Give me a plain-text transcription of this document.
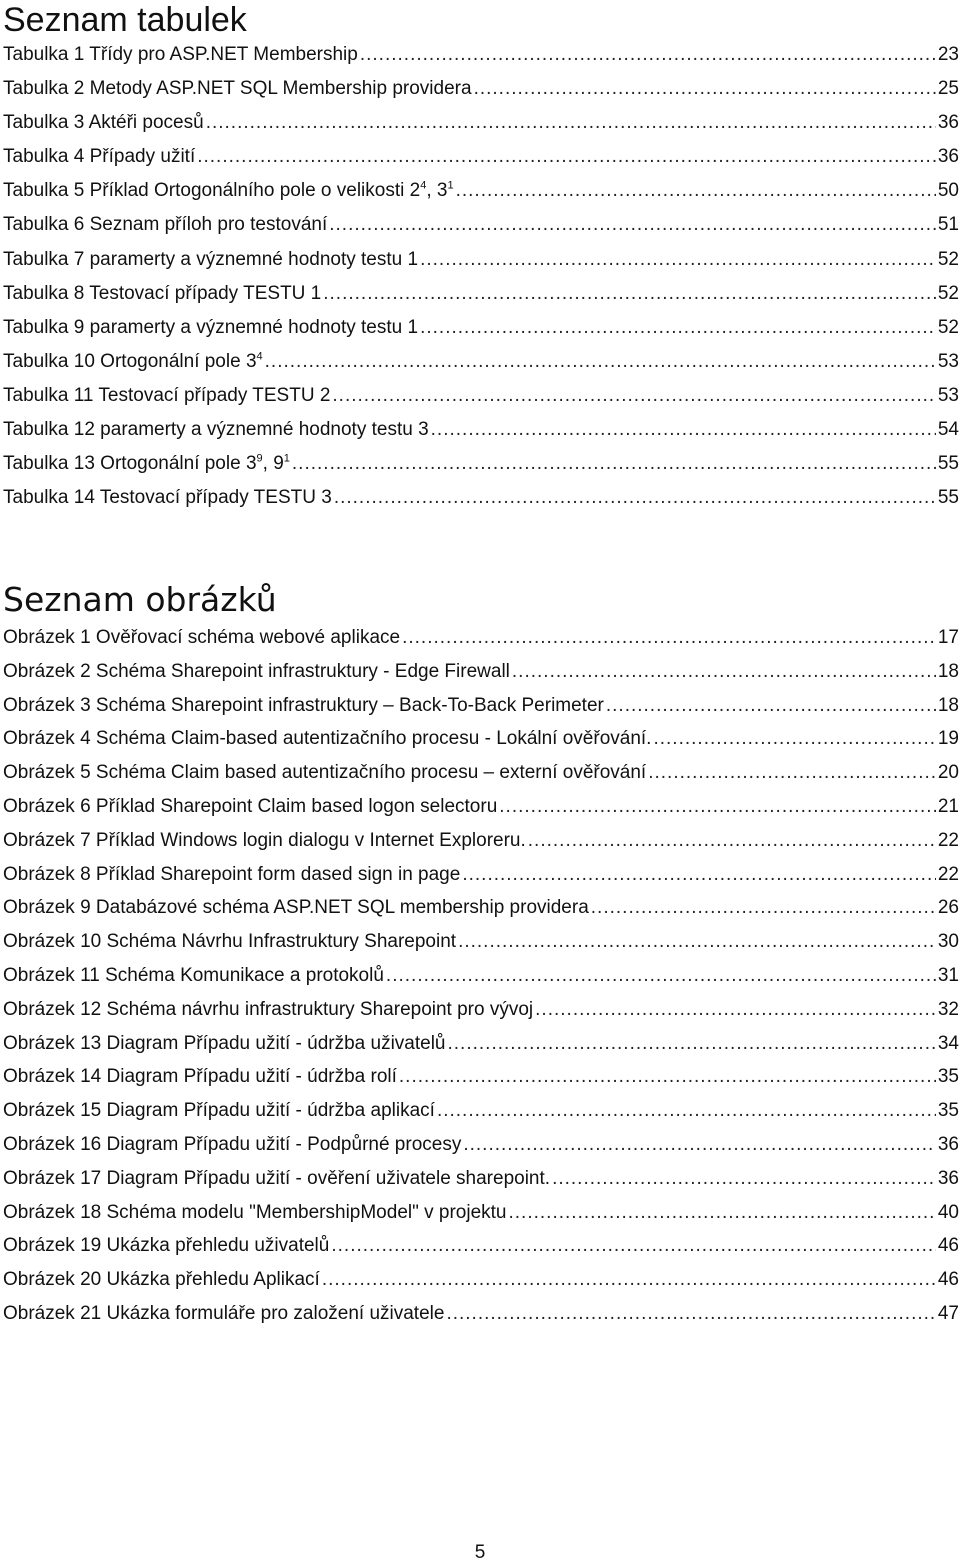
Seznam tabulek
Tabulka 1 Třídy pro ASP.NET Membership .....	23
Tabulka 2 Metody ASP.NET SQL Membership providera .....	25
Tabulka 3 Aktéři pocesů .....	36
Tabulka 4 Případy užití .....	36
Tabulka 5 Příklad Ortogonálního pole o velikosti $2^4$, $3^1$ .....	50
Tabulka 6 Seznam příloh pro testování .....	51
Tabulka 7 paramerty a význemné hodnoty testu 1 .....	52
Tabulka 8 Testovací případy TESTU 1 .....	52
Tabulka 9 paramerty a význemné hodnoty testu 1 .....	52
Tabulka 10 Ortogonální pole $3^4$ .....	53
Tabulka 11 Testovací případy TESTU 2 .....	53
Tabulka 12 paramerty a význemné hodnoty testu 3 .....	54
Tabulka 13 Ortogonální pole $3^9$, $9^1$ .....	55
Tabulka 14 Testovací případy TESTU 3 .....	55
Seznam obrázků
Obrázek 1 Ověřovací schéma webové aplikace .....	17
Obrázek 2 Schéma Sharepoint infrastruktury - Edge Firewall .....	18
Obrázek 3 Schéma Sharepoint infrastruktury – Back-To-Back Perimeter .....	18
Obrázek 4 Schéma Claim-based autentizačního procesu - Lokální ověřování. .....	19
Obrázek 5 Schéma Claim based autentizačního procesu – externí ověřování .....	20
Obrázek 6 Příklad Sharepoint Claim based logon selectoru .....	21
Obrázek 7 Příklad Windows login dialogu v Internet Exploreru. .....	22
Obrázek 8 Příklad Sharepoint form dased sign in page .....	22
Obrázek 9 Databázové schéma ASP.NET SQL membership providera .....	26
Obrázek 10 Schéma Návrhu Infrastruktury Sharepoint .....	30
Obrázek 11 Schéma Komunikace a protokolů .....	31
Obrázek 12 Schéma návrhu infrastruktury Sharepoint pro vývoj .....	32
Obrázek 13 Diagram Případu užití - údržba uživatelů .....	34
Obrázek 14 Diagram Případu užití - údržba rolí .....	35
Obrázek 15 Diagram Případu užití - údržba aplikací .....	35
Obrázek 16 Diagram Případu užití - Podpůrné procesy .....	36
Obrázek 17 Diagram Případu užití - ověření uživatele sharepoint. .....	36
Obrázek 18 Schéma modelu "MembershipModel" v projektu .....	40
Obrázek 19 Ukázka přehledu uživatelů .....	46
Obrázek 20 Ukázka přehledu Aplikací .....	46
Obrázek 21 Ukázka formuláře pro založení uživatele .....	47
5
